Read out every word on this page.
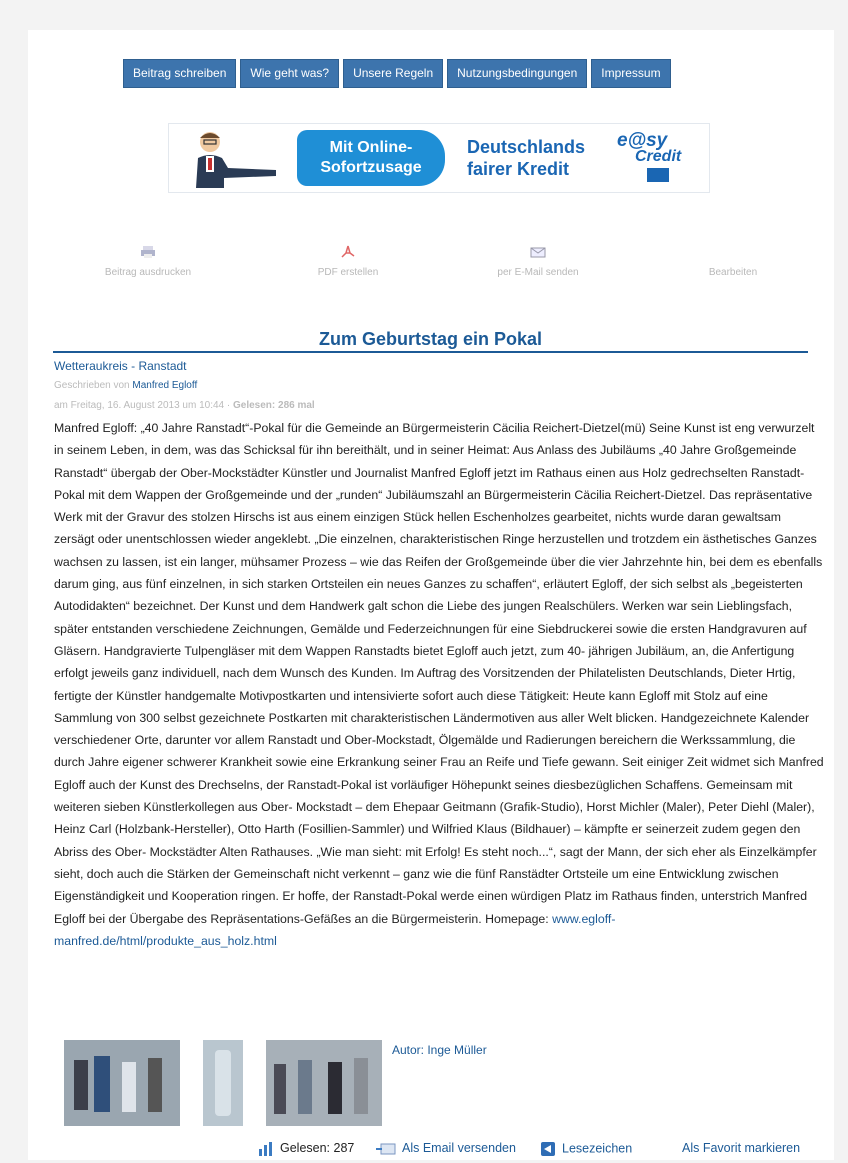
Beitrag schreiben	Wie geht was?	Unsere Regeln	Nutzungsbedingungen	Impressum
Mit Online-
Sofortzusage
Deutschlands
fairer Kredit
e@sy
Credit
Beitrag ausdrucken	PDF erstellen	per E-Mail senden	Bearbeiten
Zum Geburtstag ein Pokal
Wetteraukreis - Ranstadt
Geschrieben von Manfred Egloff
am Freitag, 16. August 2013 um 10:44 · Gelesen: 286 mal
Manfred Egloff: „40 Jahre Ranstadt“-Pokal für die Gemeinde an Bürgermeisterin Cäcilia Reichert-Dietzel(mü) Seine Kunst ist eng verwurzelt in seinem Leben, in dem, was das Schicksal für ihn bereithält, und in seiner Heimat: Aus Anlass des Jubiläums „40 Jahre Großgemeinde Ranstadt“ übergab der Ober-Mockstädter Künstler und Journalist Manfred Egloff jetzt im Rathaus einen aus Holz gedrechselten Ranstadt-Pokal mit dem Wappen der Großgemeinde und der „runden“ Jubiläumszahl an Bürgermeisterin Cäcilia Reichert-Dietzel. Das repräsentative Werk mit der Gravur des stolzen Hirschs ist aus einem einzigen Stück hellen Eschenholzes gearbeitet, nichts wurde daran gewaltsam zersägt oder unentschlossen wieder angeklebt. „Die einzelnen, charakteristischen Ringe herzustellen und trotzdem ein ästhetisches Ganzes wachsen zu lassen, ist ein langer, mühsamer Prozess – wie das Reifen der Großgemeinde über die vier Jahrzehnte hin, bei dem es ebenfalls darum ging, aus fünf einzelnen, in sich starken Ortsteilen ein neues Ganzes zu schaffen“, erläutert Egloff, der sich selbst als „begeisterten Autodidakten“ bezeichnet. Der Kunst und dem Handwerk galt schon die Liebe des jungen Realschülers. Werken war sein Lieblingsfach, später entstanden verschiedene Zeichnungen, Gemälde und Federzeichnungen für eine Siebdruckerei sowie die ersten Handgravuren auf Gläsern. Handgravierte Tulpengläser mit dem Wappen Ranstadts bietet Egloff auch jetzt, zum 40- jährigen Jubiläum, an, die Anfertigung erfolgt jeweils ganz individuell, nach dem Wunsch des Kunden. Im Auftrag des Vorsitzenden der Philatelisten Deutschlands, Dieter Hrtig, fertigte der Künstler handgemalte Motivpostkarten und intensivierte sofort auch diese Tätigkeit: Heute kann Egloff mit Stolz auf eine Sammlung von 300 selbst gezeichnete Postkarten mit charakteristischen Ländermotiven aus aller Welt blicken. Handgezeichnete Kalender verschiedener Orte, darunter vor allem Ranstadt und Ober-Mockstadt, Ölgemälde und Radierungen bereichern die Werkssammlung, die durch Jahre eigener schwerer Krankheit sowie eine Erkrankung seiner Frau an Reife und Tiefe gewann. Seit einiger Zeit widmet sich Manfred Egloff auch der Kunst des Drechselns, der Ranstadt-Pokal ist vorläufiger Höhepunkt seines diesbezüglichen Schaffens. Gemeinsam mit weiteren sieben Künstlerkollegen aus Ober- Mockstadt – dem Ehepaar Geitmann (Grafik-Studio), Horst Michler (Maler), Peter Diehl (Maler), Heinz Carl (Holzbank-Hersteller), Otto Harth (Fosillien-Sammler) und Wilfried Klaus (Bildhauer) – kämpfte er seinerzeit zudem gegen den Abriss des Ober- Mockstädter Alten Rathauses. „Wie man sieht: mit Erfolg! Es steht noch...“, sagt der Mann, der sich eher als Einzelkämpfer sieht, doch auch die Stärken der Gemeinschaft nicht verkennt – ganz wie die fünf Ranstädter Ortsteile um eine Entwicklung zwischen Eigenständigkeit und Kooperation ringen. Er hoffe, der Ranstadt-Pokal werde einen würdigen Platz im Rathaus finden, unterstrich Manfred Egloff bei der Übergabe des Repräsentations-Gefäßes an die Bürgermeisterin. Homepage: www.egloff-manfred.de/html/produkte_aus_holz.html
Autor: Inge Müller
Gelesen: 287	Als Email versenden	Lesezeichen	Als Favorit markieren
